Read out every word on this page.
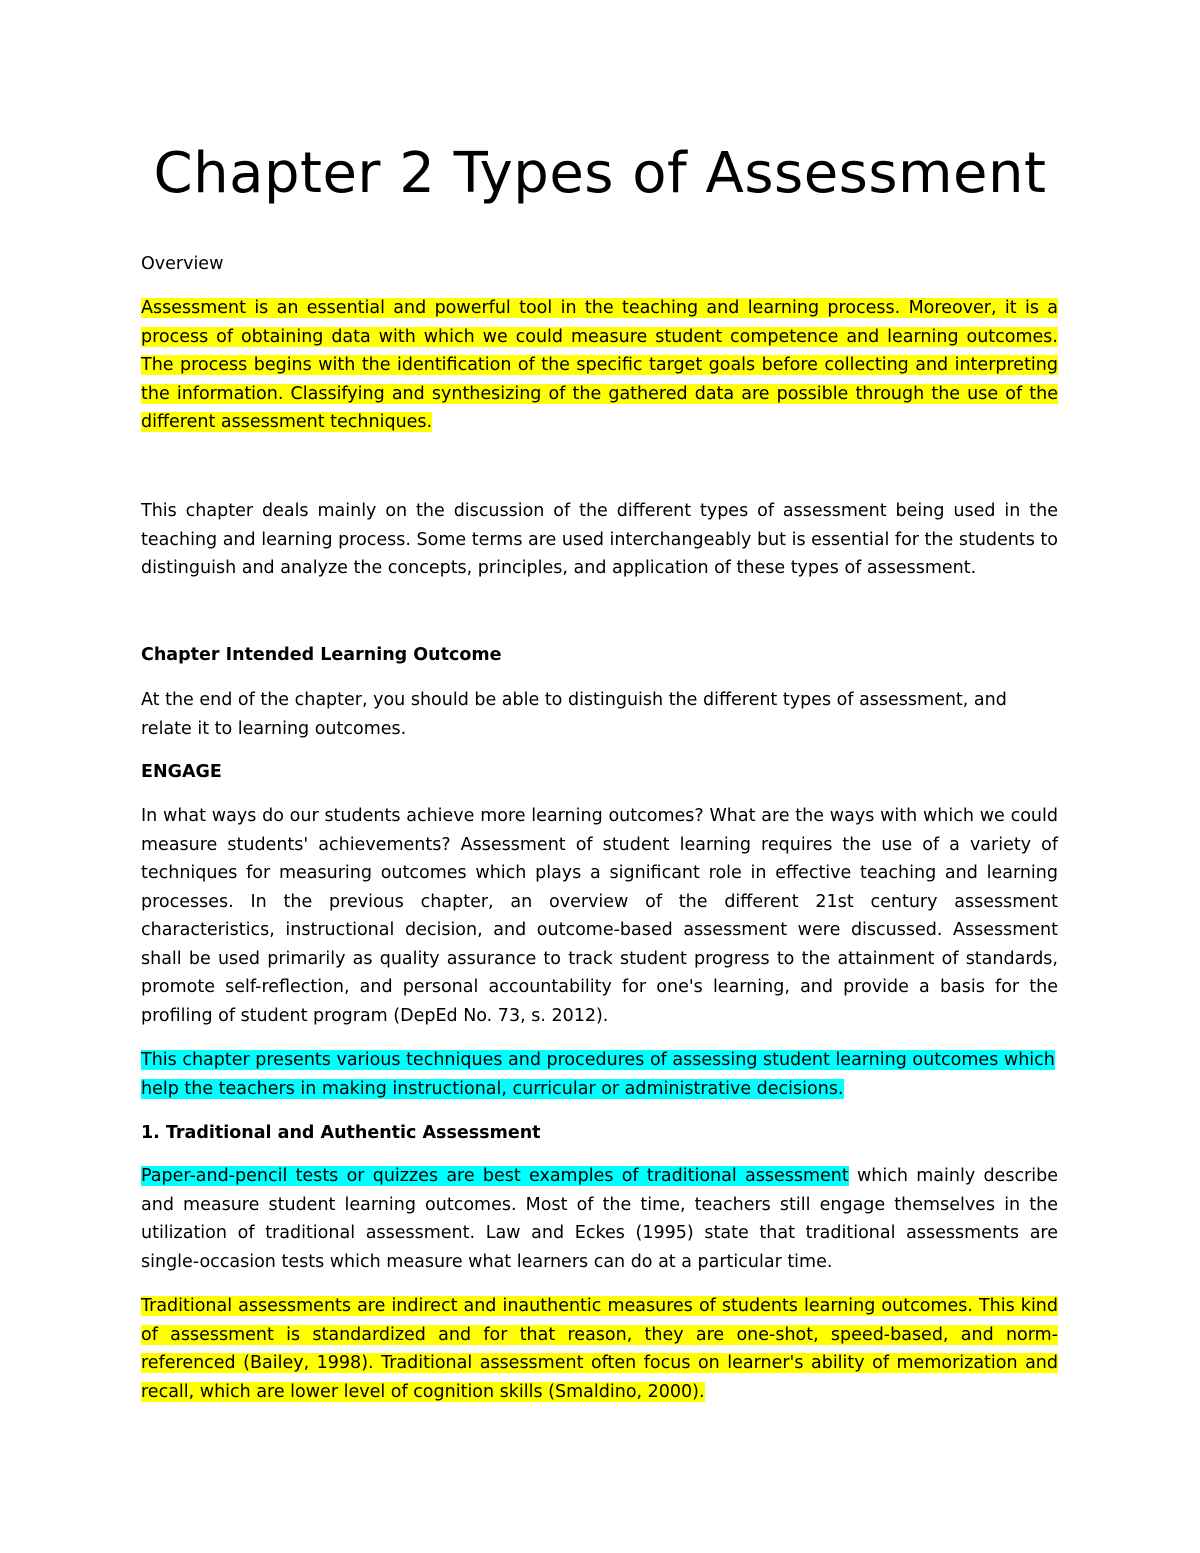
Chapter 2 Types of Assessment

Overview

Assessment is an essential and powerful tool in the teaching and learning process. Moreover, it is a process of obtaining data with which we could measure student competence and learning outcomes. The process begins with the identification of the specific target goals before collecting and interpreting the information. Classifying and synthesizing of the gathered data are possible through the use of the different assessment techniques.

This chapter deals mainly on the discussion of the different types of assessment being used in the teaching and learning process. Some terms are used interchangeably but is essential for the students to distinguish and analyze the concepts, principles, and application of these types of assessment.

Chapter Intended Learning Outcome

At the end of the chapter, you should be able to distinguish the different types of assessment, and relate it to learning outcomes.

ENGAGE

In what ways do our students achieve more learning outcomes? What are the ways with which we could measure students' achievements? Assessment of student learning requires the use of a variety of techniques for measuring outcomes which plays a significant role in effective teaching and learning processes. In the previous chapter, an overview of the different 21st century assessment characteristics, instructional decision, and outcome-based assessment were discussed. Assessment shall be used primarily as quality assurance to track student progress to the attainment of standards, promote self-reflection, and personal accountability for one's learning, and provide a basis for the profiling of student program (DepEd No. 73, s. 2012).

This chapter presents various techniques and procedures of assessing student learning outcomes which help the teachers in making instructional, curricular or administrative decisions.

1. Traditional and Authentic Assessment

Paper-and-pencil tests or quizzes are best examples of traditional assessment which mainly describe and measure student learning outcomes. Most of the time, teachers still engage themselves in the utilization of traditional assessment. Law and Eckes (1995) state that traditional assessments are single-occasion tests which measure what learners can do at a particular time.

Traditional assessments are indirect and inauthentic measures of students learning outcomes. This kind of assessment is standardized and for that reason, they are one-shot, speed-based, and norm-referenced (Bailey, 1998). Traditional assessment often focus on learner's ability of memorization and recall, which are lower level of cognition skills (Smaldino, 2000).
